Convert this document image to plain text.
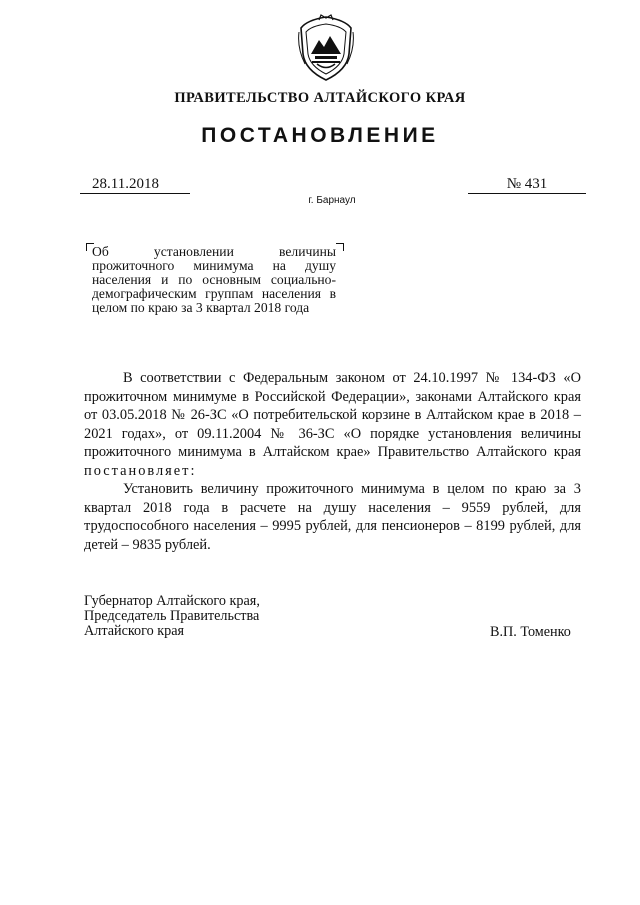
ПРАВИТЕЛЬСТВО АЛТАЙСКОГО КРАЯ
ПОСТАНОВЛЕНИЕ
28.11.2018	№ 431
г. Барнаул
Об установлении величины прожиточного минимума на душу населения и по основным социально-демографическим группам населения в целом по краю за 3 квартал 2018 года

В соответствии с Федеральным законом от 24.10.1997 № 134-ФЗ «О прожиточном минимуме в Российской Федерации», законами Алтайского края от 03.05.2018 № 26-ЗС «О потребительской корзине в Алтайском крае в 2018 – 2021 годах», от 09.11.2004 № 36-ЗС «О порядке установления величины прожиточного минимума в Алтайском крае» Правительство Алтайского края постановляет:

Установить величину прожиточного минимума в целом по краю за 3 квартал 2018 года в расчете на душу населения – 9559 рублей, для трудоспособного населения – 9995 рублей, для пенсионеров – 8199 рублей, для детей – 9835 рублей.

Губернатор Алтайского края,
Председатель Правительства
Алтайского края	В.П. Томенко
